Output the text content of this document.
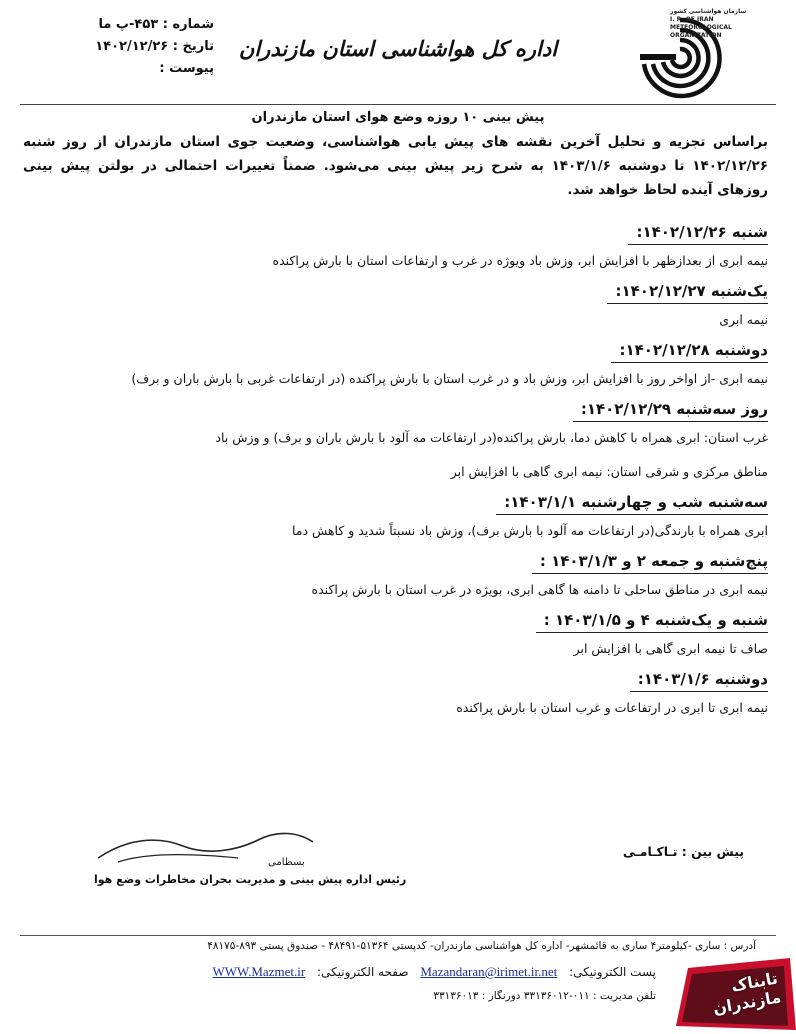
سازمان هواشناسی کشور
I. R. OF IRAN
METEOROLOGICAL
ORGANIZATION
اداره کل هواشناسی استان مازندران
شماره : ۴۵۳-پ ما
تاریخ : ۱۴۰۲/۱۲/۲۶
پیوست :
پیش بینی ۱۰ روزه وضع هوای استان مازندران
براساس تجزیه و تحلیل آخرین نقشه های پیش یابی هواشناسی، وضعیت جوی استان مازندران از روز شنبه ۱۴۰۲/۱۲/۲۶ تا دوشنبه ۱۴۰۳/۱/۶ به شرح زیر پیش بینی می‌شود. ضمناً تغییرات احتمالی در بولتن پیش بینی روزهای آینده لحاظ خواهد شد.
شنبه ۱۴۰۲/۱۲/۲۶:
نیمه ابری از بعدازظهر با افزایش ابر، وزش باد ویوژه در غرب و ارتفاعات استان با بارش پراکنده
یک‌شنبه ۱۴۰۲/۱۲/۲۷:
نیمه ابری
دوشنبه ۱۴۰۲/۱۲/۲۸:
نیمه ابری -از اواخر روز با افزایش ابر، وزش باد و در غرب استان با بارش پراکنده (در ارتفاعات غربی با بارش باران و برف)
روز سه‌شنبه ۱۴۰۲/۱۲/۲۹:
غرب استان: ابری همراه با کاهش دما، بارش پراکنده(در ارتفاعات مه آلود با بارش باران و برف) و وزش باد
مناطق مرکزی و شرقی استان: نیمه ابری گاهی با افزایش ابر
سه‌شنبه شب و چهارشنبه ۱۴۰۳/۱/۱:
ابری همراه با بارندگی(در ارتفاعات مه آلود با بارش برف)، وزش باد نسبتاً شدید و کاهش دما
پنج‌شنبه و جمعه ۲ و ۱۴۰۳/۱/۳ :
نیمه ابری در مناطق ساحلی تا دامنه ها گاهی ابری، بویژه در غرب استان با بارش پراکنده
شنبه و یک‌شنبه ۴ و ۱۴۰۳/۱/۵ :
صاف تا نیمه ابری گاهی با افزایش ابر
دوشنبه ۱۴۰۳/۱/۶:
نیمه ابری تا ابری در ارتفاعات و غرب استان با بارش پراکنده
پیش بین : تـاکـامـی
بسطامی
رئیس اداره پیش بینی و مدیریت بحران مخاطرات وضع هوا
آدرس : ساری -کیلومتر۴ ساری به قائمشهر- اداره کل هواشناسی مازندران- کدپستی ۵۱۳۶۴-۴۸۴۹۱ - صندوق پستی ۸۹۳-۴۸۱۷۵
WWW.Mazmet.ir صفحه الکترونیکی: Mazandaran@irimet.ir.net پست الکترونیکی:
تلفن مدیریت : ۰۱۱-۳۳۱۳۶۰۱۲ دورنگار : ۳۳۱۳۶۰۱۳
تابناک مازندران
